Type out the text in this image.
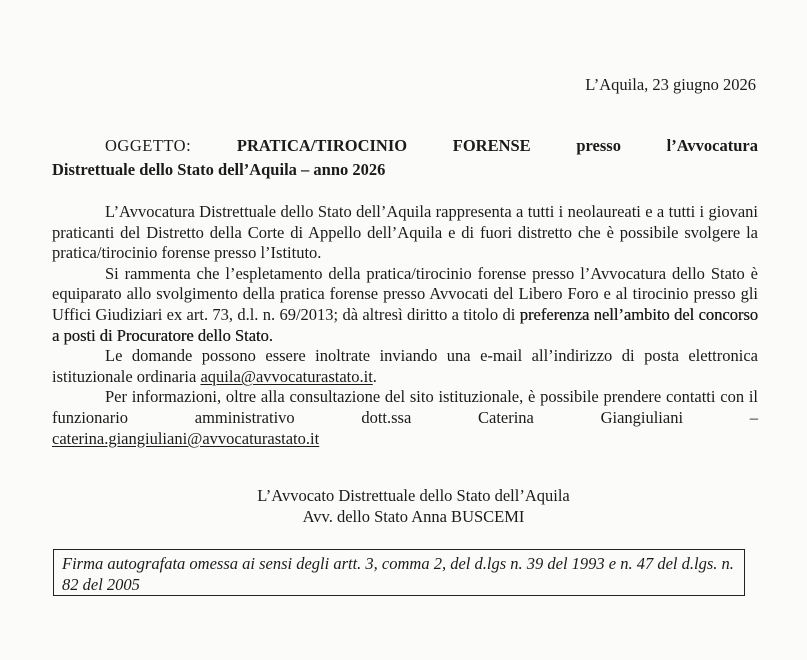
L’Aquila, 23 giugno 2026

OGGETTO:	PRATICA/TIROCINIO	FORENSE	presso	l’Avvocatura
Distrettuale dello Stato dell’Aquila – anno 2026

L’Avvocatura Distrettuale dello Stato dell’Aquila rappresenta a tutti i neolaureati e a tutti i giovani praticanti del Distretto della Corte di Appello dell’Aquila e di fuori distretto che è possibile svolgere la pratica/tirocinio forense presso l’Istituto.

Si rammenta che l’espletamento della pratica/tirocinio forense presso l’Avvocatura dello Stato è equiparato allo svolgimento della pratica forense presso Avvocati del Libero Foro e al tirocinio presso gli Uffici Giudiziari ex art. 73, d.l. n. 69/2013; dà altresì diritto a titolo di preferenza nell’ambito del concorso a posti di Procuratore dello Stato.

Le domande possono essere inoltrate inviando una e-mail all’indirizzo di posta elettronica istituzionale ordinaria aquila@avvocaturastato.it.

Per informazioni, oltre alla consultazione del sito istituzionale, è possibile prendere contatti con il funzionario amministrativo dott.ssa Caterina Giangiuliani –

caterina.giangiuliani@avvocaturastato.it

L’Avvocato Distrettuale dello Stato dell’Aquila
Avv. dello Stato Anna BUSCEMI
Firma autografata omessa ai sensi degli artt. 3, comma 2, del d.lgs n. 39 del 1993 e n. 47 del d.lgs. n. 82 del 2005
